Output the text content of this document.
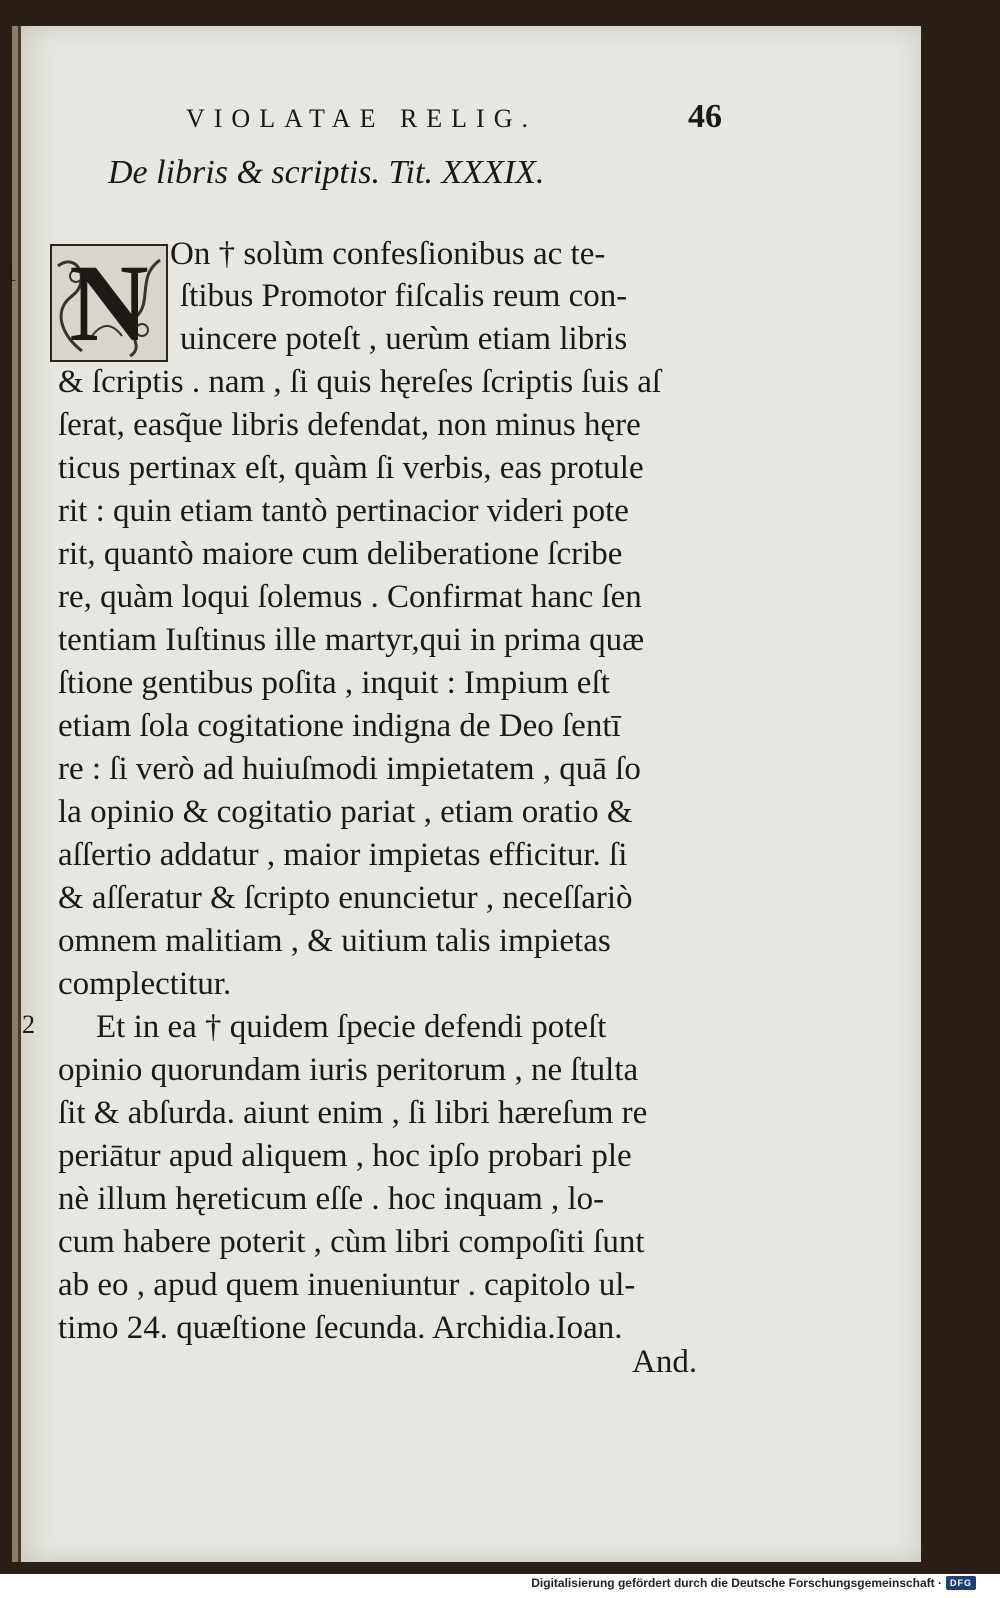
VIOLATAE RELIG.	46
De libris & scriptis. Tit. XXXIX.
N On † solùm confesſionibus ac te-
ſtibus Promotor fiſcalis reum con-
uincere poteſt , uerùm etiam libris
& ſcriptis . nam , ſi quis hęreſes ſcriptis ſuis aſ
ſerat, easq̃ue libris defendat, non minus hęre
ticus pertinax eſt, quàm ſi verbis, eas protule
rit : quin etiam tantò pertinacior videri pote
rit, quantò maiore cum deliberatione ſcribe
re, quàm loqui ſolemus . Confirmat hanc ſen
tentiam Iuſtinus ille martyr,qui in prima quæ
ſtione gentibus poſita , inquit : Impium eſt
etiam ſola cogitatione indigna de Deo ſentī
re : ſi verò ad huiuſmodi impietatem , quā ſo
la opinio & cogitatio pariat , etiam oratio &
aſſertio addatur , maior impietas efficitur. ſi
& aſſeratur & ſcripto enuncietur , neceſſariò
omnem malitiam , & uitium talis impietas
complectitur.
Et in ea † quidem ſpecie defendi poteſt
opinio quorundam iuris peritorum , ne ſtulta
ſit & abſurda. aiunt enim , ſi libri hæreſum re
periātur apud aliquem , hoc ipſo probari ple
nè illum hęreticum eſſe . hoc inquam , lo-
cum habere poterit , cùm libri compoſiti ſunt
ab eo , apud quem inueniuntur . capitolo ul-
timo 24. quæſtione ſecunda. Archidia.Ioan.
And.
1
2
Digitalisierung gefördert durch die Deutsche Forschungsgemeinschaft · DFG
